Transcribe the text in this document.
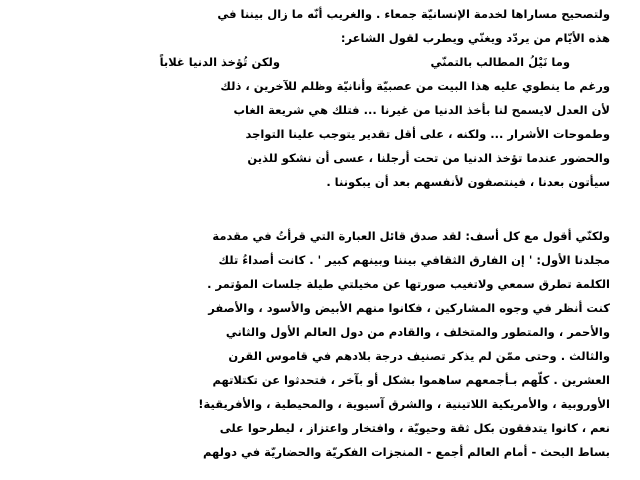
ولتصحيح مساراها لخدمة الإنسانيّة جمعاء . والغريب أنّه ما زال بيننا في
هذه الأيّام من يردّد ويغنّي ويطرب لقول الشاعر:
وما نَيْلُ المطالب بالتمنّي
ولكن تُؤخذ الدنيا غلاباً
ورغم ما ينطوي عليه هذا البيت من عصبيّة وأنانيّة وظلم للآخرين ، ذلك
لأن العدل لايسمح لنا بأخذ الدنيا من غيرنا ... فتلك هي شريعة الغاب
وطموحات الأشرار ... ولكنه ، على أقل تقدير يتوجب علينا التواجد
والحضور عندما تؤخذ الدنيا من تحت أرجلنا ، عسى أن نشكو للذين
سيأتون بعدنا ، فينتصفون لأنفسهم بعد أن يبكوننا .
ولكنّي أقول مع كل أسف: لقد صدق قائل العبارة التي قرأتُ في مقدمة
مجلدنا الأول: ' إن الفارق الثقافي بيننا وبينهم كبير ' . كانت أصداءُ تلك
الكلمة تطرق سمعي ولاتغيب صورتها عن مخيلتي طيلة جلسات المؤتمر .
كنت أنظر في وجوه المشاركين ، فكانوا منهم الأبيض والأسود ، والأصفر
والأحمر ، والمتطور والمتخلف ، والقادم من دول العالم الأول والثاني
والثالث . وحتى ممّن لم يذكر تصنيف درجة بلادهم في قاموس القرن
العشرين . كلّهم بـأجمعهم ساهموا بشكل أو بآخر ، فتحدثوا عن تكتلاتهم
الأوروبية ، والأمريكية اللاتينية ، والشرق آسيوية ، والمحيطية ، والأفريقية!
نعم ، كانوا يتدفقون بكل ثقة وحيويّة ، وافتخار واعتزاز ، ليطرحوا على
بساط البحث - أمام العالم أجمع - المنجزات الفكريّة والحضاريّة في دولهم
